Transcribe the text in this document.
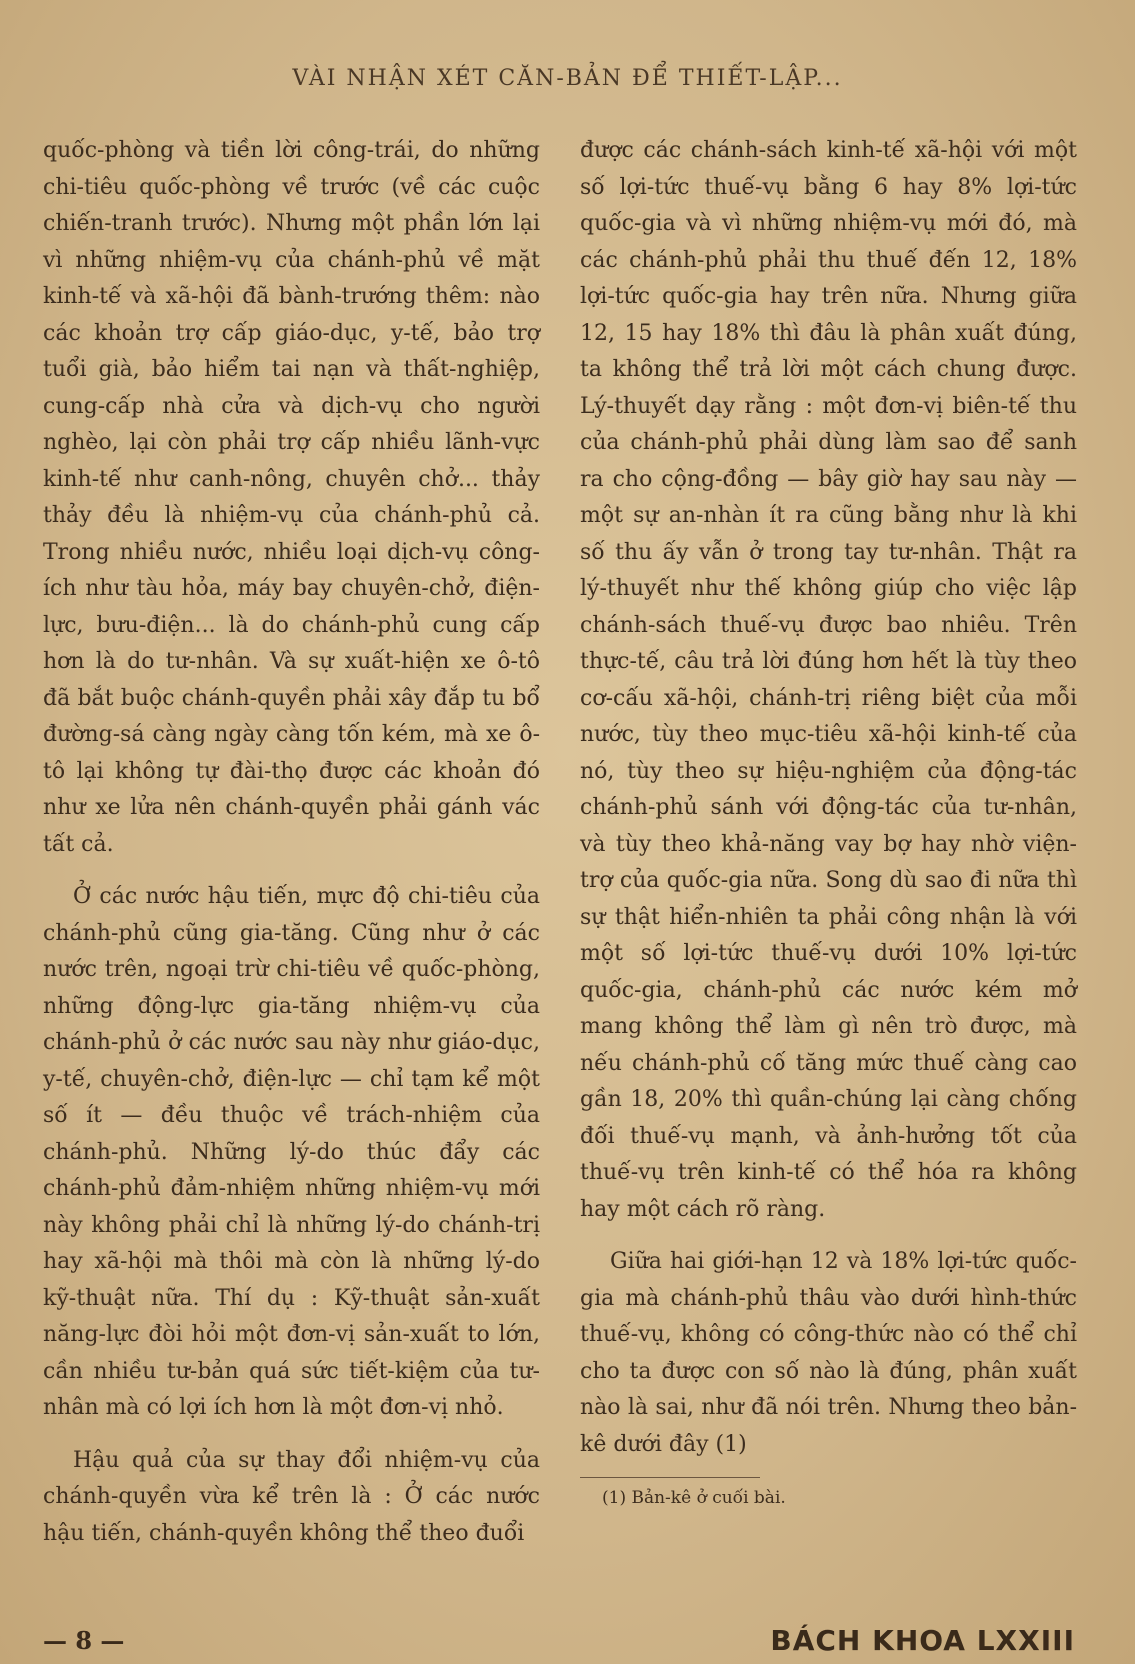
VÀI NHẬN XÉT CĂN-BẢN ĐỂ THIẾT-LẬP...

quốc-phòng và tiền lời công-trái, do những chi-tiêu quốc-phòng về trước (về các cuộc chiến-tranh trước). Nhưng một phần lớn lại vì những nhiệm-vụ của chánh-phủ về mặt kinh-tế và xã-hội đã bành-trướng thêm: nào các khoản trợ cấp giáo-dục, y-tế, bảo trợ tuổi già, bảo hiểm tai nạn và thất-nghiệp, cung-cấp nhà cửa và dịch-vụ cho người nghèo, lại còn phải trợ cấp nhiều lãnh-vực kinh-tế như canh-nông, chuyên chở... thảy thảy đều là nhiệm-vụ của chánh-phủ cả. Trong nhiều nước, nhiều loại dịch-vụ công-ích như tàu hỏa, máy bay chuyên-chở, điện-lực, bưu-điện... là do chánh-phủ cung cấp hơn là do tư-nhân. Và sự xuất-hiện xe ô-tô đã bắt buộc chánh-quyền phải xây đắp tu bổ đường-sá càng ngày càng tốn kém, mà xe ô-tô lại không tự đài-thọ được các khoản đó như xe lửa nên chánh-quyền phải gánh vác tất cả.

Ở các nước hậu tiến, mực độ chi-tiêu của chánh-phủ cũng gia-tăng. Cũng như ở các nước trên, ngoại trừ chi-tiêu về quốc-phòng, những động-lực gia-tăng nhiệm-vụ của chánh-phủ ở các nước sau này như giáo-dục, y-tế, chuyên-chở, điện-lực — chỉ tạm kể một số ít — đều thuộc về trách-nhiệm của chánh-phủ. Những lý-do thúc đẩy các chánh-phủ đảm-nhiệm những nhiệm-vụ mới này không phải chỉ là những lý-do chánh-trị hay xã-hội mà thôi mà còn là những lý-do kỹ-thuật nữa. Thí dụ : Kỹ-thuật sản-xuất năng-lực đòi hỏi một đơn-vị sản-xuất to lớn, cần nhiều tư-bản quá sức tiết-kiệm của tư-nhân mà có lợi ích hơn là một đơn-vị nhỏ.

Hậu quả của sự thay đổi nhiệm-vụ của chánh-quyền vừa kể trên là : Ở các nước hậu tiến, chánh-quyền không thể theo đuổi

được các chánh-sách kinh-tế xã-hội với một số lợi-tức thuế-vụ bằng 6 hay 8% lợi-tức quốc-gia và vì những nhiệm-vụ mới đó, mà các chánh-phủ phải thu thuế đến 12, 18% lợi-tức quốc-gia hay trên nữa. Nhưng giữa 12, 15 hay 18% thì đâu là phân xuất đúng, ta không thể trả lời một cách chung được. Lý-thuyết dạy rằng : một đơn-vị biên-tế thu của chánh-phủ phải dùng làm sao để sanh ra cho cộng-đồng — bây giờ hay sau này — một sự an-nhàn ít ra cũng bằng như là khi số thu ấy vẫn ở trong tay tư-nhân. Thật ra lý-thuyết như thế không giúp cho việc lập chánh-sách thuế-vụ được bao nhiêu. Trên thực-tế, câu trả lời đúng hơn hết là tùy theo cơ-cấu xã-hội, chánh-trị riêng biệt của mỗi nước, tùy theo mục-tiêu xã-hội kinh-tế của nó, tùy theo sự hiệu-nghiệm của động-tác chánh-phủ sánh với động-tác của tư-nhân, và tùy theo khả-năng vay bợ hay nhờ viện-trợ của quốc-gia nữa. Song dù sao đi nữa thì sự thật hiển-nhiên ta phải công nhận là với một số lợi-tức thuế-vụ dưới 10% lợi-tức quốc-gia, chánh-phủ các nước kém mở mang không thể làm gì nên trò được, mà nếu chánh-phủ cố tăng mức thuế càng cao gần 18, 20% thì quần-chúng lại càng chống đối thuế-vụ mạnh, và ảnh-hưởng tốt của thuế-vụ trên kinh-tế có thể hóa ra không hay một cách rõ ràng.

Giữa hai giới-hạn 12 và 18% lợi-tức quốc-gia mà chánh-phủ thâu vào dưới hình-thức thuế-vụ, không có công-thức nào có thể chỉ cho ta được con số nào là đúng, phân xuất nào là sai, như đã nói trên. Nhưng theo bản-kê dưới đây (1)

(1) Bản-kê ở cuối bài.
— 8 —	BÁCH KHOA LXXIII
